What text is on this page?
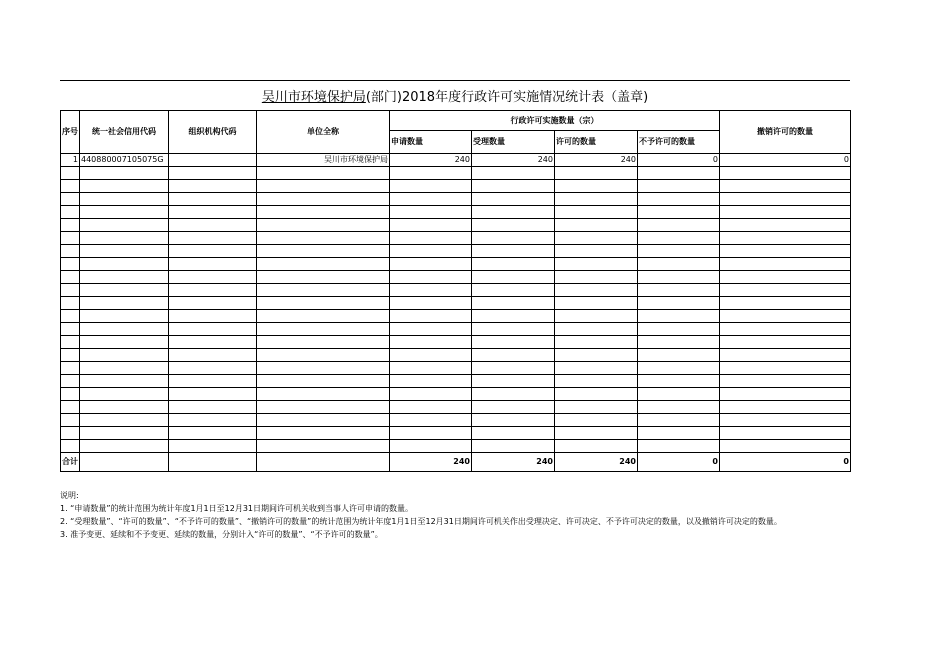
吴川市环境保护局(部门)2018年度行政许可实施情况统计表（盖章)
序号	统一社会信用代码	组织机构代码	单位全称	行政许可实施数量（宗）				撤销许可的数量
				申请数量	受理数量	许可的数量	不予许可的数量	
1	440880007105075G		吴川市环境保护局	240	240	240	0	0

合计				240	240	240	0	0
说明:
1. “申请数量”的统计范围为统计年度1月1日至12月31日期间许可机关收到当事人许可申请的数量。
2. “受理数量”、“许可的数量”、“不予许可的数量”、“撤销许可的数量”的统计范围为统计年度1月1日至12月31日期间许可机关作出受理决定、许可决定、不予许可决定的数量，以及撤销许可决定的数量。
3. 准予变更、延续和不予变更、延续的数量，分别计入“许可的数量”、“不予许可的数量”。
